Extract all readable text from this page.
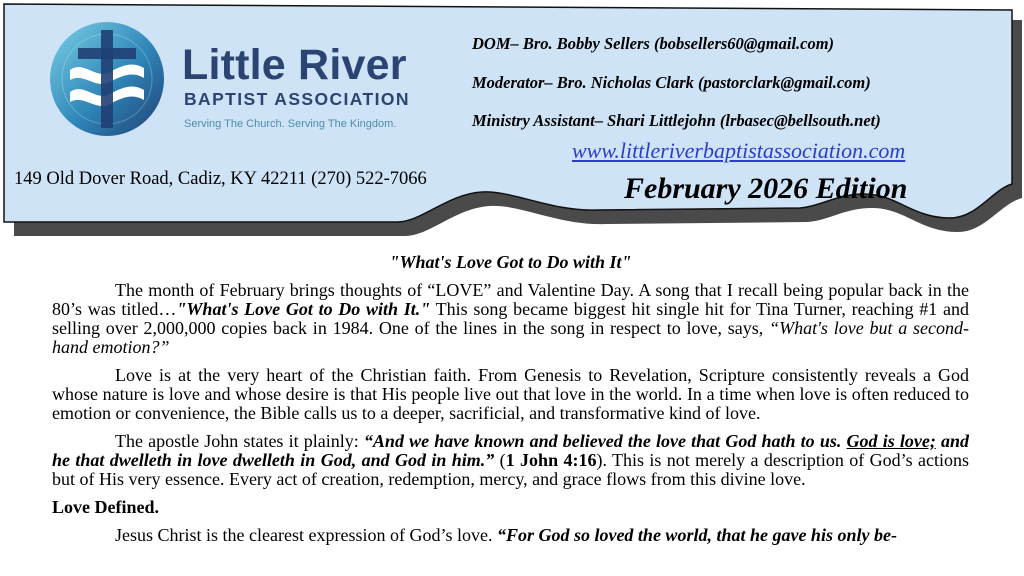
Little River
BAPTIST ASSOCIATION
Serving The Church. Serving The Kingdom.
DOM– Bro. Bobby Sellers (bobsellers60@gmail.com)
Moderator– Bro. Nicholas Clark (pastorclark@gmail.com)
Ministry Assistant– Shari Littlejohn (lrbasec@bellsouth.net)
www.littleriverbaptistassociation.com
149 Old Dover Road, Cadiz, KY 42211 (270) 522-7066	February 2026 Edition
"What's Love Got to Do with It"

The month of February brings thoughts of “LOVE” and Valentine Day. A song that I recall being popular back in the 80’s was titled…"What's Love Got to Do with It." This song became biggest hit single hit for Tina Turner, reaching #1 and selling over 2,000,000 copies back in 1984. One of the lines in the song in respect to love, says, “What's love but a second-hand emotion?”

Love is at the very heart of the Christian faith. From Genesis to Revelation, Scripture consistently reveals a God whose nature is love and whose desire is that His people live out that love in the world. In a time when love is often reduced to emotion or convenience, the Bible calls us to a deeper, sacrificial, and transformative kind of love.

The apostle John states it plainly: “And we have known and believed the love that God hath to us. God is love; and he that dwelleth in love dwelleth in God, and God in him.” (1 John 4:16). This is not merely a description of God’s actions but of His very essence. Every act of creation, redemption, mercy, and grace flows from this divine love.

Love Defined.

Jesus Christ is the clearest expression of God’s love. “For God so loved the world, that he gave his only be-
